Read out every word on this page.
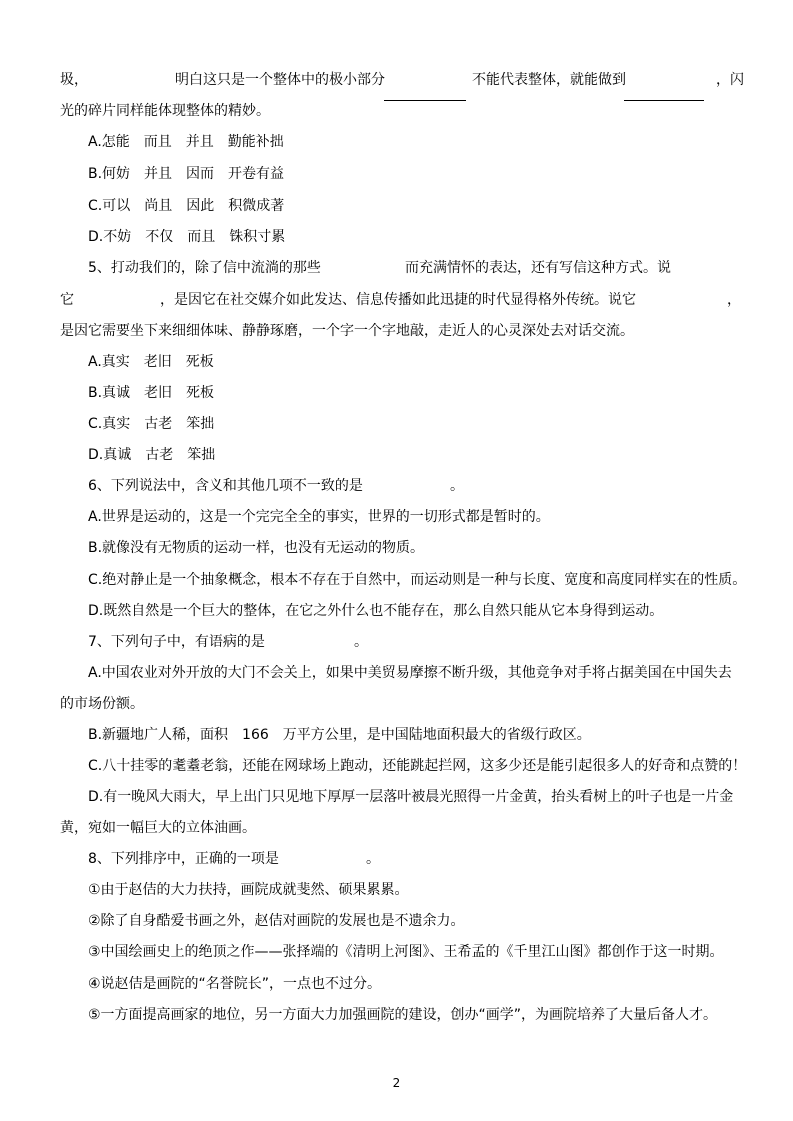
圾，	明白这只是一个整体中的极小部分	不能代表整体，就能做到	，闪
光的碎片同样能体现整体的精妙。
A.怎能　而且　并且　勤能补拙
B.何妨　并且　因而　开卷有益
C.可以　尚且　因此　积微成著
D.不妨　不仅　而且　铢积寸累
5、打动我们的，除了信中流淌的那些	而充满情怀的表达，还有写信这种方式。说
它	，是因它在社交媒介如此发达、信息传播如此迅捷的时代显得格外传统。说它	，
是因它需要坐下来细细体味、静静琢磨，一个字一个字地敲，走近人的心灵深处去对话交流。
A.真实　老旧　死板
B.真诚　老旧　死板
C.真实　古老　笨拙
D.真诚　古老　笨拙
6、下列说法中，含义和其他几项不一致的是	。
A.世界是运动的，这是一个完完全全的事实，世界的一切形式都是暂时的。
B.就像没有无物质的运动一样，也没有无运动的物质。
C.绝对静止是一个抽象概念，根本不存在于自然中，而运动则是一种与长度、宽度和高度同样实在的性质。
D.既然自然是一个巨大的整体，在它之外什么也不能存在，那么自然只能从它本身得到运动。
7、下列句子中，有语病的是	。
A.中国农业对外开放的大门不会关上，如果中美贸易摩擦不断升级，其他竞争对手将占据美国在中国失去
的市场份额。
B.新疆地广人稀，面积　166　万平方公里，是中国陆地面积最大的省级行政区。
C.八十挂零的耄耋老翁，还能在网球场上跑动，还能跳起拦网，这多少还是能引起很多人的好奇和点赞的！
D.有一晚风大雨大，早上出门只见地下厚厚一层落叶被晨光照得一片金黄，抬头看树上的叶子也是一片金
黄，宛如一幅巨大的立体油画。
8、下列排序中，正确的一项是	。
①由于赵佶的大力扶持，画院成就斐然、硕果累累。
②除了自身酷爱书画之外，赵佶对画院的发展也是不遗余力。
③中国绘画史上的绝顶之作——张择端的《清明上河图》、王希孟的《千里江山图》都创作于这一时期。
④说赵佶是画院的“名誉院长”，一点也不过分。
⑤一方面提高画家的地位，另一方面大力加强画院的建设，创办“画学”，为画院培养了大量后备人才。
2
